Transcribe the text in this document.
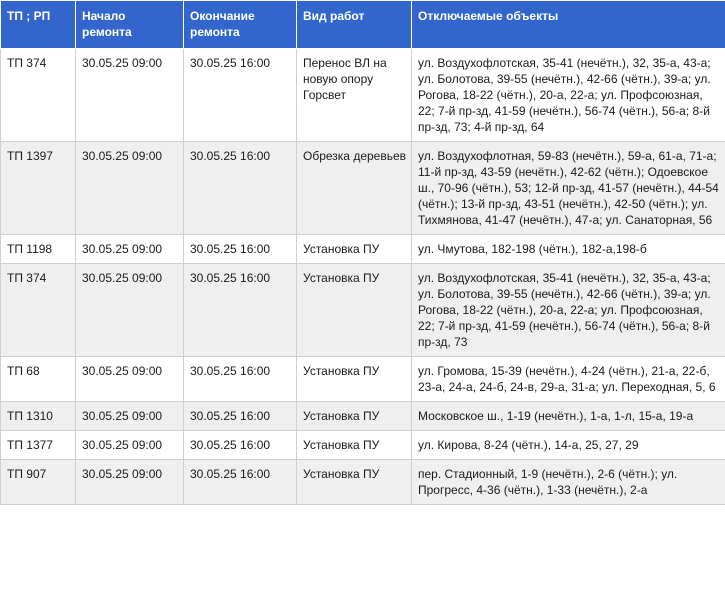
ТП ; РП	Начало ремонта	Окончание ремонта	Вид работ	Отключаемые объекты
ТП 374	30.05.25 09:00	30.05.25 16:00	Перенос ВЛ на новую опору Горсвет	ул. Воздухофлотская, 35-41 (нечётн.), 32, 35-а, 43-а; ул. Болотова, 39-55 (нечётн.), 42-66 (чётн.), 39-а; ул. Рогова, 18-22 (чётн.), 20-а, 22-а; ул. Профсоюзная, 22; 7-й пр-зд, 41-59 (нечётн.), 56-74 (чётн.), 56-а; 8-й пр-зд, 73; 4-й пр-зд, 64
ТП 1397	30.05.25 09:00	30.05.25 16:00	Обрезка деревьев	ул. Воздухофлотная, 59-83 (нечётн.), 59-а, 61-а, 71-а; 11-й пр-зд, 43-59 (нечётн.), 42-62 (чётн.); Одоевское ш., 70-96 (чётн.), 53; 12-й пр-зд, 41-57 (нечётн.), 44-54 (чётн.); 13-й пр-зд, 43-51 (нечётн.), 42-50 (чётн.); ул. Тихмянова, 41-47 (нечётн.), 47-а; ул. Санаторная, 56
ТП 1198	30.05.25 09:00	30.05.25 16:00	Установка ПУ	ул. Чмутова, 182-198 (чётн.), 182-а,198-б
ТП 374	30.05.25 09:00	30.05.25 16:00	Установка ПУ	ул. Воздухофлотская, 35-41 (нечётн.), 32, 35-а, 43-а; ул. Болотова, 39-55 (нечётн.), 42-66 (чётн.), 39-а; ул. Рогова, 18-22 (чётн.), 20-а, 22-а; ул. Профсоюзная, 22; 7-й пр-зд, 41-59 (нечётн.), 56-74 (чётн.), 56-а; 8-й пр-зд, 73
ТП 68	30.05.25 09:00	30.05.25 16:00	Установка ПУ	ул. Громова, 15-39 (нечётн.), 4-24 (чётн.), 21-а, 22-б, 23-а, 24-а, 24-б, 24-в, 29-а, 31-а; ул. Переходная, 5, 6
ТП 1310	30.05.25 09:00	30.05.25 16:00	Установка ПУ	Московское ш., 1-19 (нечётн.), 1-а, 1-л, 15-а, 19-а
ТП 1377	30.05.25 09:00	30.05.25 16:00	Установка ПУ	ул. Кирова, 8-24 (чётн.), 14-а, 25, 27, 29
ТП 907	30.05.25 09:00	30.05.25 16:00	Установка ПУ	пер. Стадионный, 1-9 (нечётн.), 2-6 (чётн.); ул. Прогресс, 4-36 (чётн.), 1-33 (нечётн.), 2-а
